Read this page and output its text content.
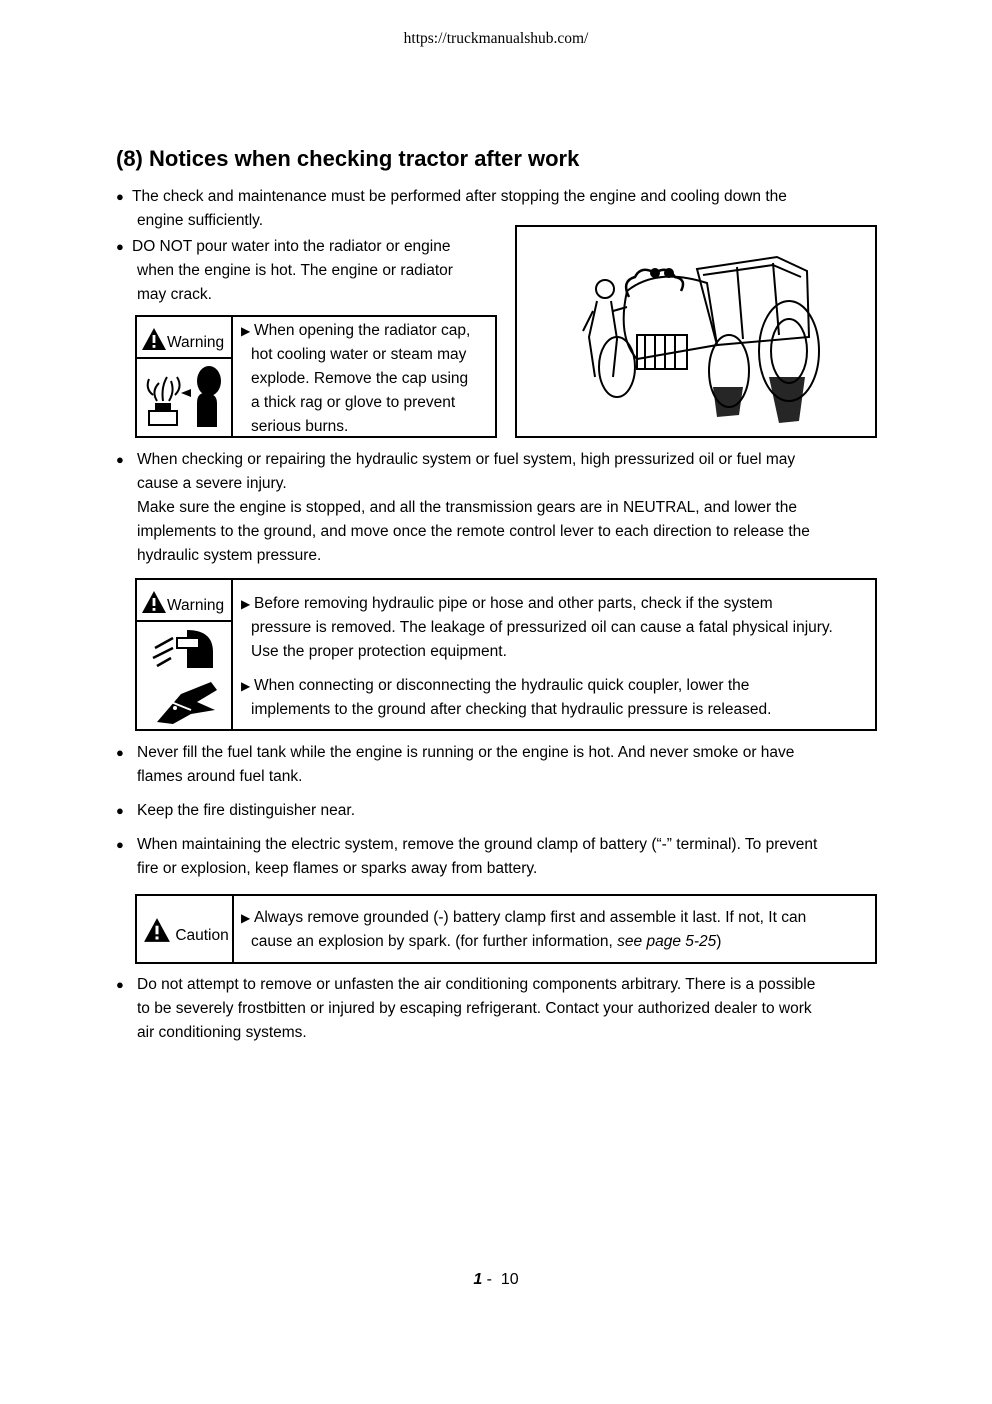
https://truckmanualshub.com/
(8) Notices when checking tractor after work
● The check and maintenance must be performed after stopping the engine and cooling down the
engine sufficiently.
● DO NOT pour water into the radiator or engine
when the engine is hot. The engine or radiator
may crack.
Warning
▶ When opening the radiator cap,
hot cooling water or steam may
explode. Remove the cap using
a thick rag or glove to prevent
serious burns.
● When checking or repairing the hydraulic system or fuel system, high pressurized oil or fuel may
cause a severe injury.
Make sure the engine is stopped, and all the transmission gears are in NEUTRAL, and lower the
implements to the ground, and move once the remote control lever to each direction to release the
hydraulic system pressure.
Warning ▶ Before removing hydraulic pipe or hose and other parts, check if the system
pressure is removed. The leakage of pressurized oil can cause a fatal physical injury.
Use the proper protection equipment.
▶ When connecting or disconnecting the hydraulic quick coupler, lower the
implements to the ground after checking that hydraulic pressure is released.
● Never fill the fuel tank while the engine is running or the engine is hot. And never smoke or have
flames around fuel tank.
● Keep the fire distinguisher near.
● When maintaining the electric system, remove the ground clamp of battery (“-” terminal). To prevent
fire or explosion, keep flames or sparks away from battery.
Caution
▶ Always remove grounded (-) battery clamp first and assemble it last. If not, It can
cause an explosion by spark. (for further information, see page 5-25)
● Do not attempt to remove or unfasten the air conditioning components arbitrary. There is a possible
to be severely frostbitten or injured by escaping refrigerant. Contact your authorized dealer to work
air conditioning systems.
1 - 10
